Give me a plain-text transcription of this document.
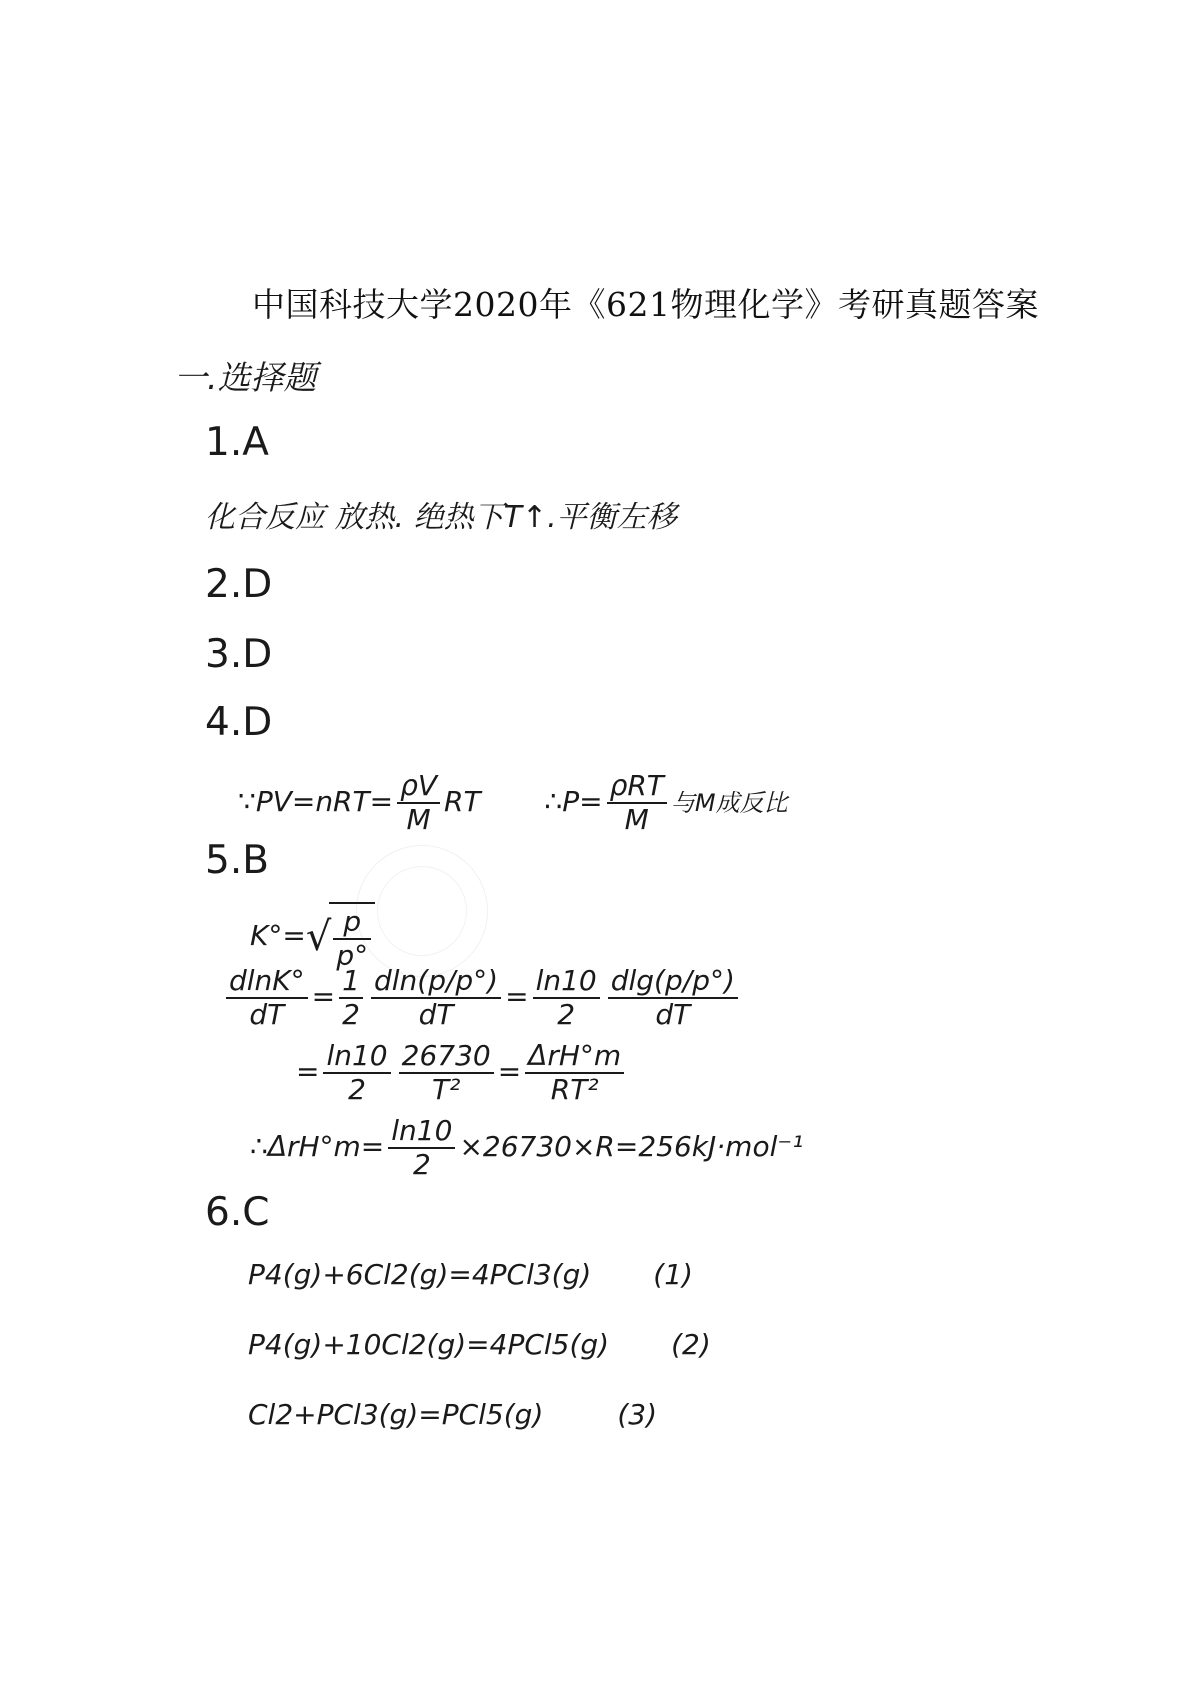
中国科技大学2020年《621物理化学》考研真题答案
一.选择题
1.A
化合反应 放热. 绝热下T↑.平衡左移
2.D
3.D
4.D
∵PV=nRT= $\frac{\rho V}{M}$ RT ∴P= $\frac{\text{ρRT}}{M}$ 与M成反比
5.B
$K^\circ=√ \frac{p}{p^\circ}$
$\frac{dlnK^\circ}{dT} = \frac{1}{2} \frac{dln(p/p^\circ)}{dT} = \frac{\ln 10}{2} \frac{dlg(p/p^\circ)}{dT}$
= $\frac{\ln 10}{2} \frac{26730}{\text{T²}} = \frac{\text{ΔrH°m}}{\text{RT²}}$
∴ΔrH°m= $\frac{\ln 10}{2} \times 26730\times R=256kJ\cdot mol^{-1}$
6.C
P4(g)+6Cl2(g)=4PCl3(g) (1)
P4(g)+10Cl2(g)=4PCl5(g) (2)
Cl2+PCl3(g)=PCl5(g)	(3)
